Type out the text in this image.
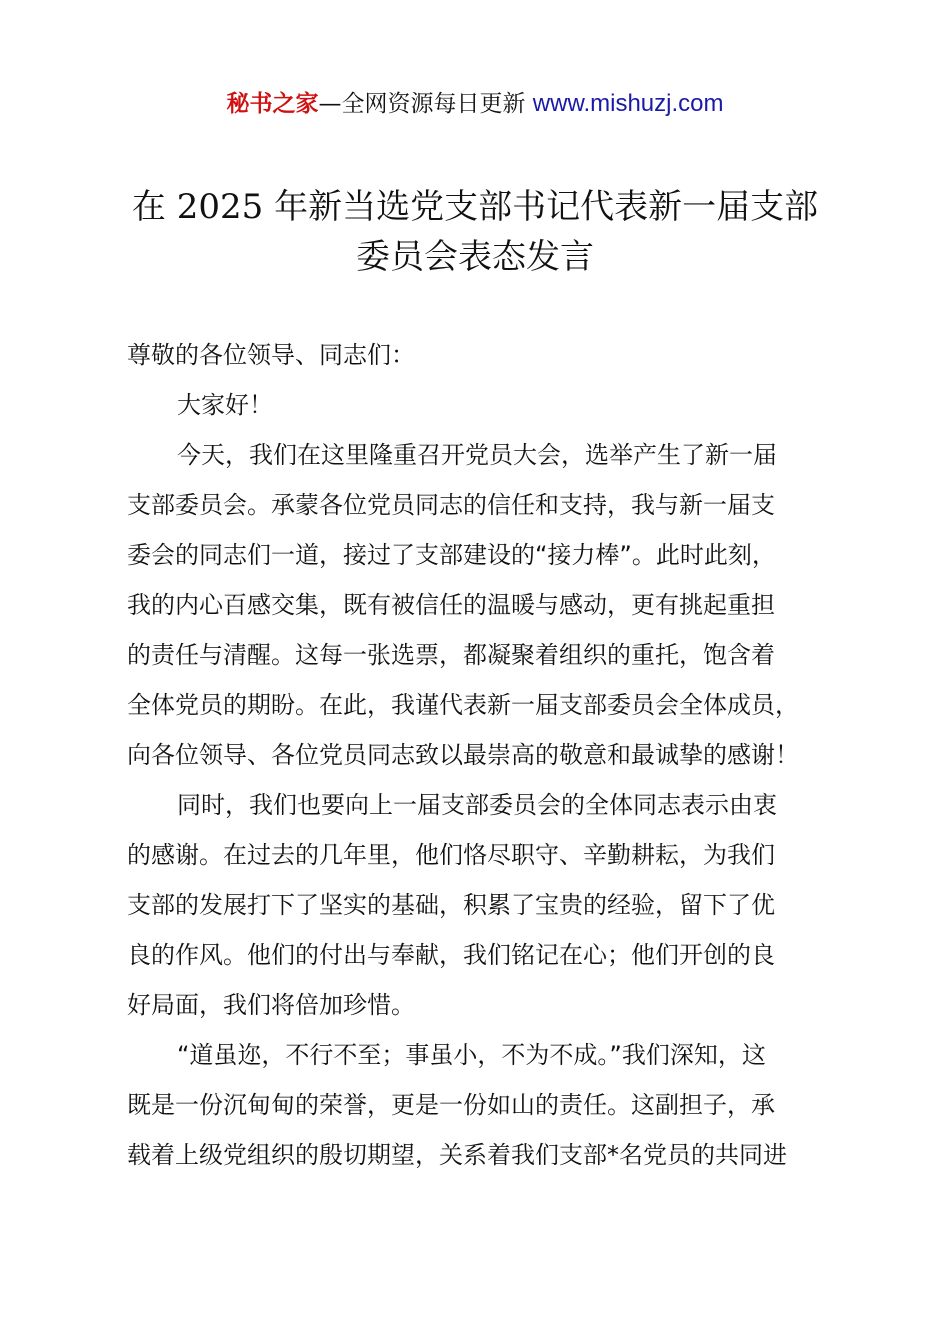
秘书之家—全网资源每日更新 www.mishuzj.com
在 2025 年新当选党支部书记代表新一届支部
委员会表态发言
尊敬的各位领导、同志们：
大家好！
今天，我们在这里隆重召开党员大会，选举产生了新一届
支部委员会。承蒙各位党员同志的信任和支持，我与新一届支
委会的同志们一道，接过了支部建设的“接力棒”。此时此刻，
我的内心百感交集，既有被信任的温暖与感动，更有挑起重担
的责任与清醒。这每一张选票，都凝聚着组织的重托，饱含着
全体党员的期盼。在此，我谨代表新一届支部委员会全体成员，
向各位领导、各位党员同志致以最崇高的敬意和最诚挚的感谢！
同时，我们也要向上一届支部委员会的全体同志表示由衷
的感谢。在过去的几年里，他们恪尽职守、辛勤耕耘，为我们
支部的发展打下了坚实的基础，积累了宝贵的经验，留下了优
良的作风。他们的付出与奉献，我们铭记在心；他们开创的良
好局面，我们将倍加珍惜。
“道虽迩，不行不至；事虽小，不为不成。”我们深知，这
既是一份沉甸甸的荣誉，更是一份如山的责任。这副担子，承
载着上级党组织的殷切期望，关系着我们支部*名党员的共同进
